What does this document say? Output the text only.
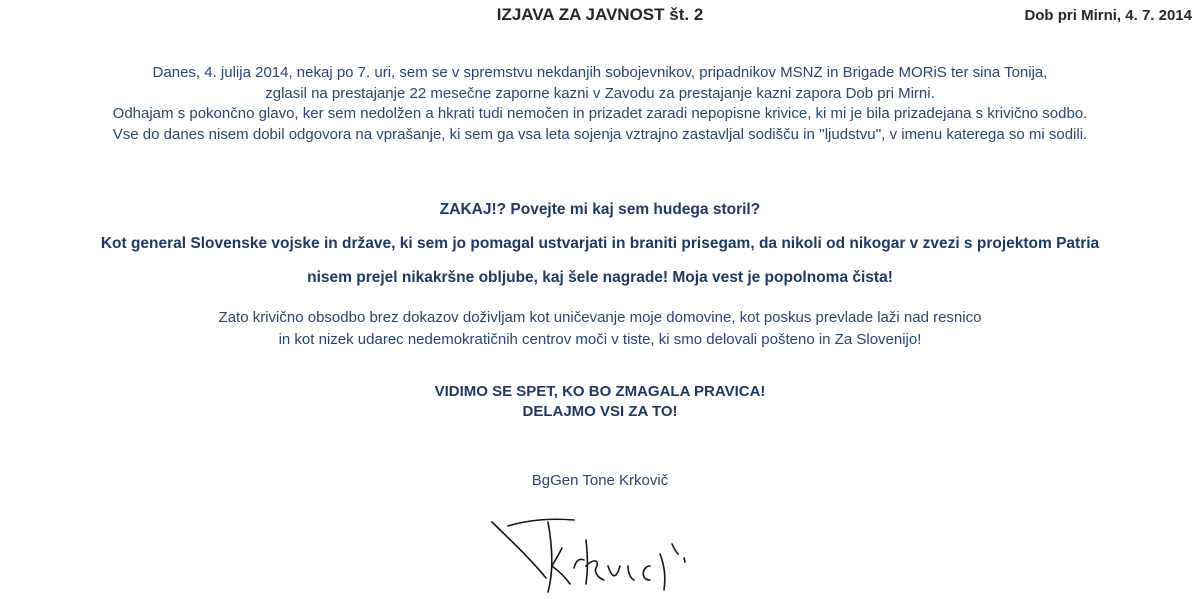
IZJAVA ZA JAVNOST št. 2	Dob pri Mirni, 4. 7. 2014
Danes, 4. julija 2014, nekaj po 7. uri, sem se v spremstvu nekdanjih sobojevnikov, pripadnikov MSNZ in Brigade MORiS ter sina Tonija,
zglasil na prestajanje 22 mesečne zaporne kazni v Zavodu za prestajanje kazni zapora Dob pri Mirni.
Odhajam s pokončno glavo, ker sem nedolžen a hkrati tudi nemočen in prizadet zaradi nepopisne krivice, ki mi je bila prizadejana s krivično sodbo.
Vse do danes nisem dobil odgovora na vprašanje, ki sem ga vsa leta sojenja vztrajno zastavljal sodišču in ''ljudstvu'', v imenu katerega so mi sodili.
ZAKAJ!? Povejte mi kaj sem hudega storil?
Kot general Slovenske vojske in države, ki sem jo pomagal ustvarjati in braniti prisegam, da nikoli od nikogar v zvezi s projektom Patria
nisem prejel nikakršne obljube, kaj šele nagrade! Moja vest je popolnoma čista!
Zato krivično obsodbo brez dokazov doživljam kot uničevanje moje domovine, kot poskus prevlade laži nad resnico
in kot nizek udarec nedemokratičnih centrov moči v tiste, ki smo delovali pošteno in Za Slovenijo!
VIDIMO SE SPET, KO BO ZMAGALA PRAVICA!
DELAJMO VSI ZA TO!
BgGen Tone Krkovič
